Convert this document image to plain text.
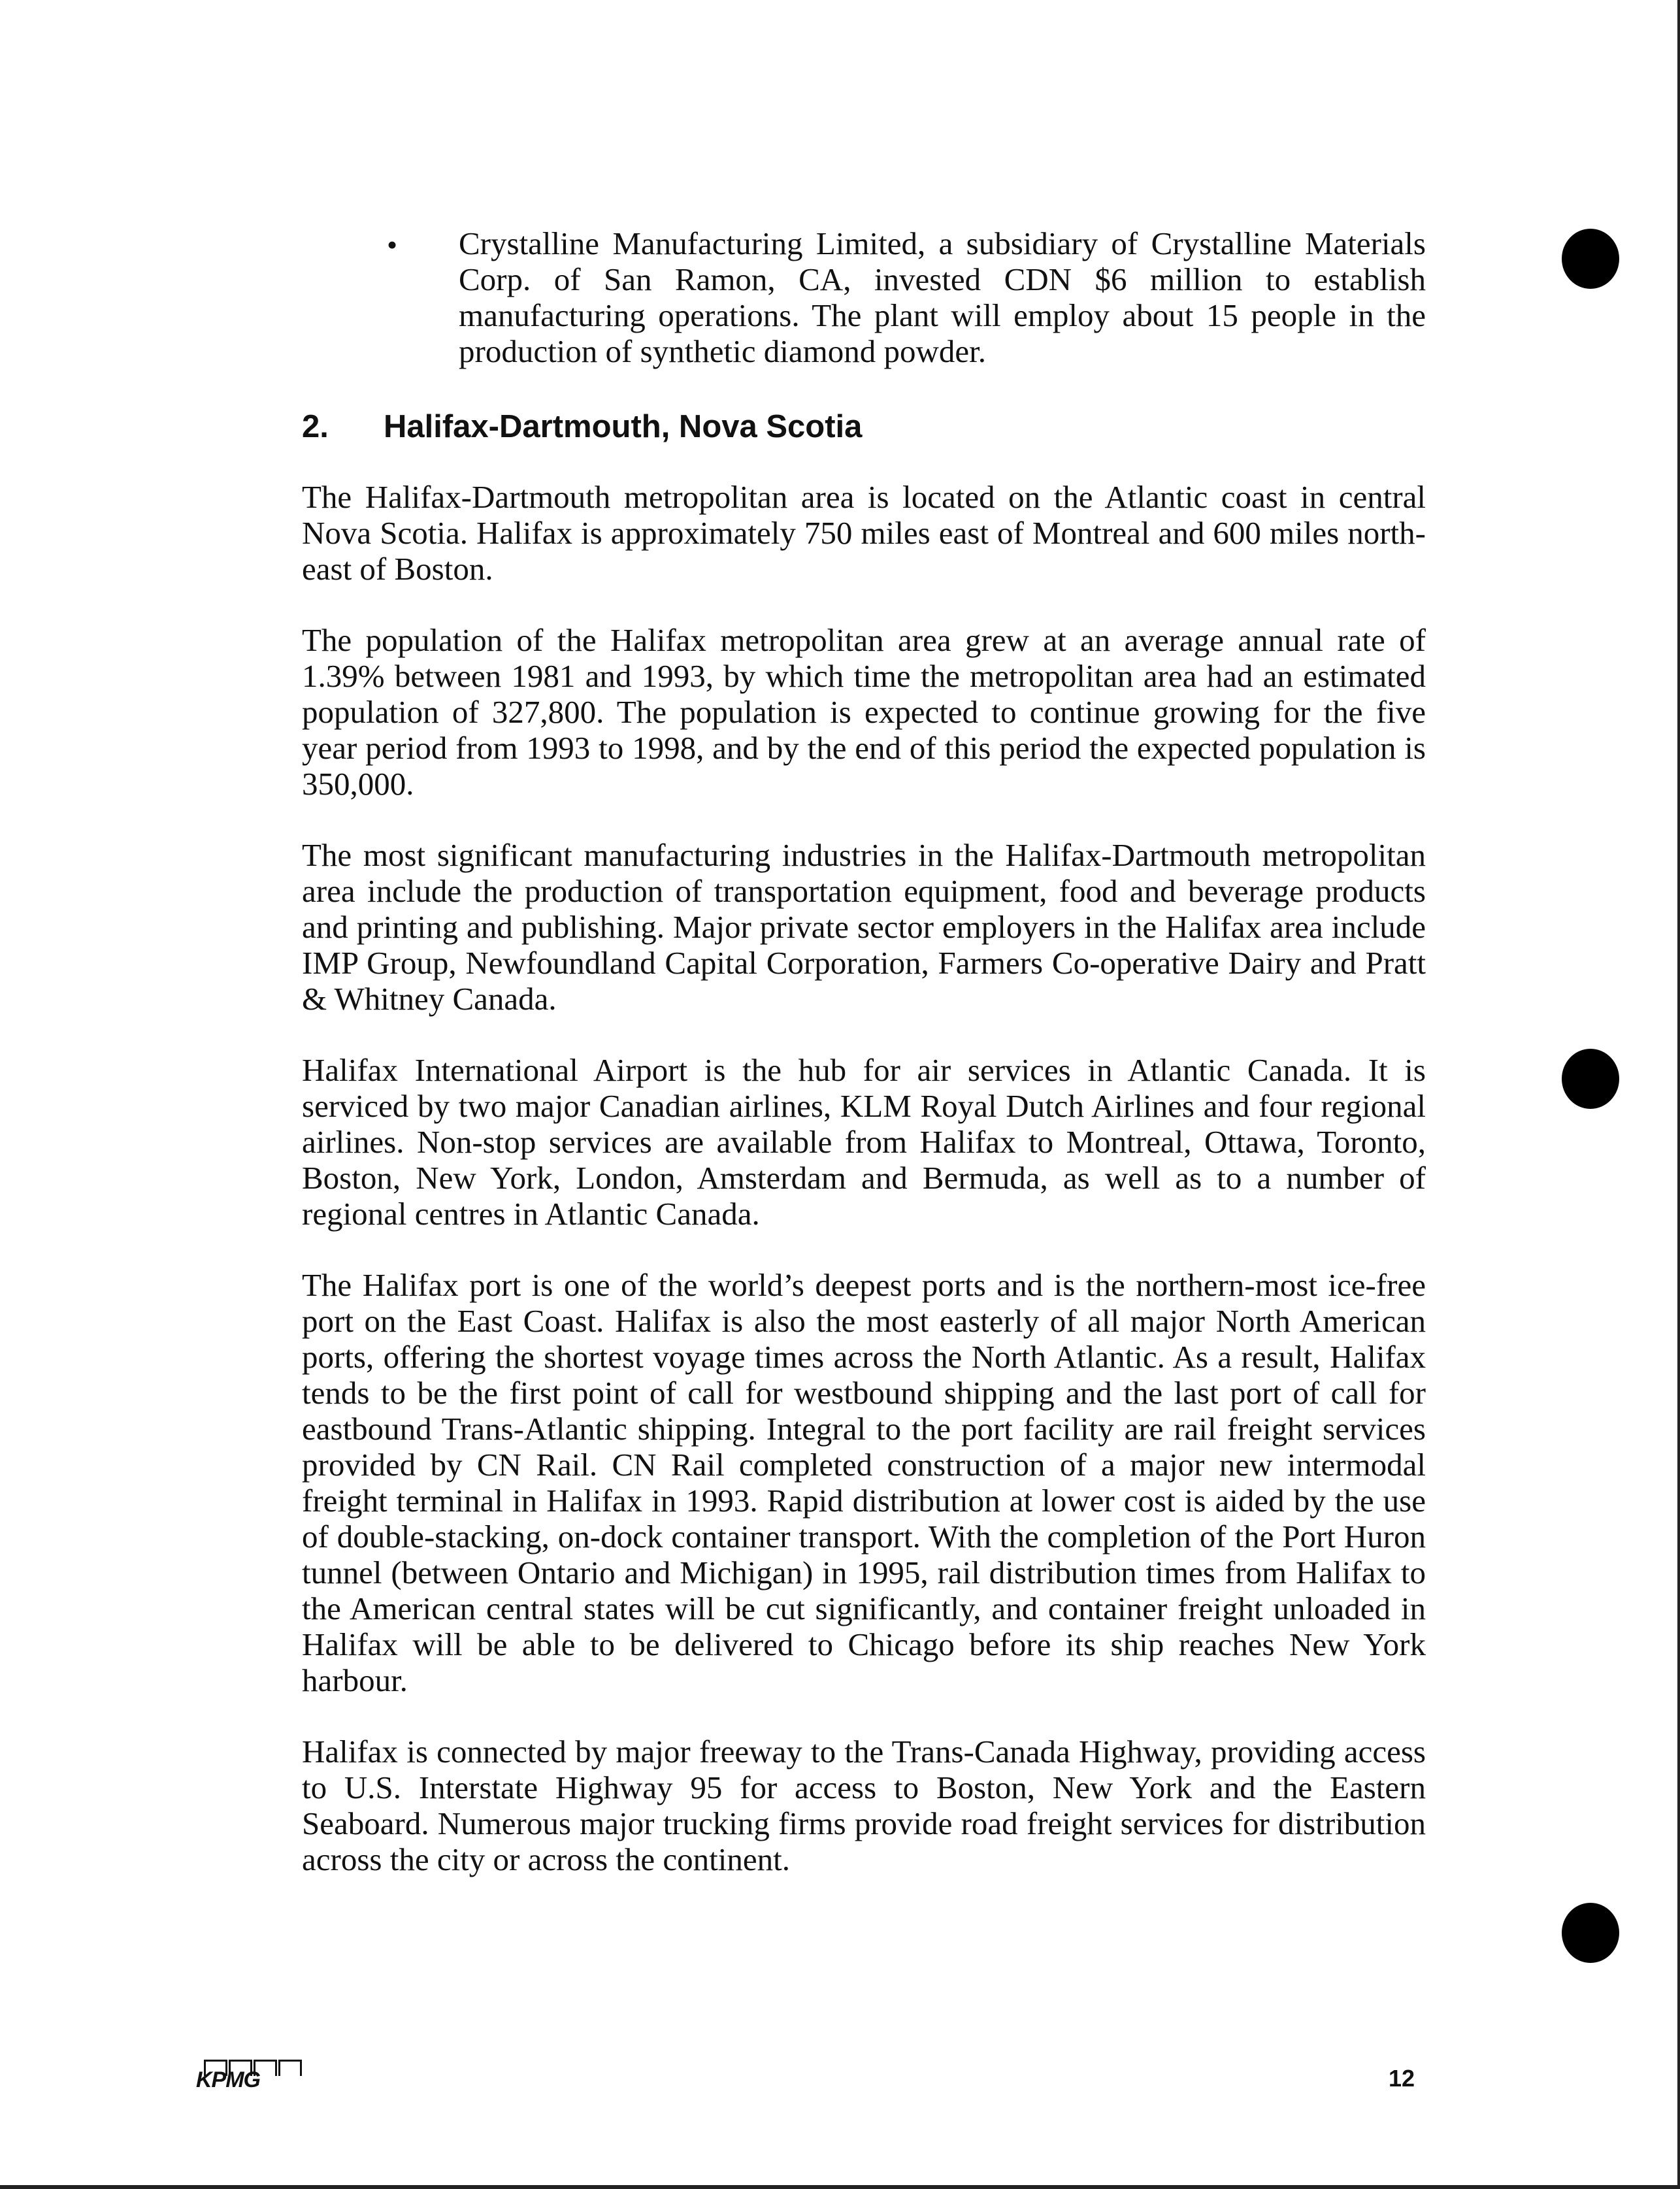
• Crystalline Manufacturing Limited, a subsidiary of Crystalline Materials Corp. of San Ramon, CA, invested CDN $6 million to establish manufacturing operations. The plant will employ about 15 people in the production of synthetic diamond powder.

2.	Halifax-Dartmouth, Nova Scotia

The Halifax-Dartmouth metropolitan area is located on the Atlantic coast in central Nova Scotia. Halifax is approximately 750 miles east of Montreal and 600 miles north-east of Boston.

The population of the Halifax metropolitan area grew at an average annual rate of 1.39% between 1981 and 1993, by which time the metropolitan area had an estimated population of 327,800. The population is expected to continue growing for the five year period from 1993 to 1998, and by the end of this period the expected population is 350,000.

The most significant manufacturing industries in the Halifax-Dartmouth metropolitan area include the production of transportation equipment, food and beverage products and printing and publishing. Major private sector employers in the Halifax area include IMP Group, Newfoundland Capital Corporation, Farmers Co-operative Dairy and Pratt & Whitney Canada.

Halifax International Airport is the hub for air services in Atlantic Canada. It is serviced by two major Canadian airlines, KLM Royal Dutch Airlines and four regional airlines. Non-stop services are available from Halifax to Montreal, Ottawa, Toronto, Boston, New York, London, Amsterdam and Bermuda, as well as to a number of regional centres in Atlantic Canada.

The Halifax port is one of the world’s deepest ports and is the northern-most ice-free port on the East Coast. Halifax is also the most easterly of all major North American ports, offering the shortest voyage times across the North Atlantic. As a result, Halifax tends to be the first point of call for westbound shipping and the last port of call for eastbound Trans-Atlantic shipping. Integral to the port facility are rail freight services provided by CN Rail. CN Rail completed construction of a major new intermodal freight terminal in Halifax in 1993. Rapid distribution at lower cost is aided by the use of double-stacking, on-dock container transport. With the completion of the Port Huron tunnel (between Ontario and Michigan) in 1995, rail distribution times from Halifax to the American central states will be cut significantly, and container freight unloaded in Halifax will be able to be delivered to Chicago before its ship reaches New York harbour.

Halifax is connected by major freeway to the Trans-Canada Highway, providing access to U.S. Interstate Highway 95 for access to Boston, New York and the Eastern Seaboard. Numerous major trucking firms provide road freight services for distribution across the city or across the continent.

KPMG	12
